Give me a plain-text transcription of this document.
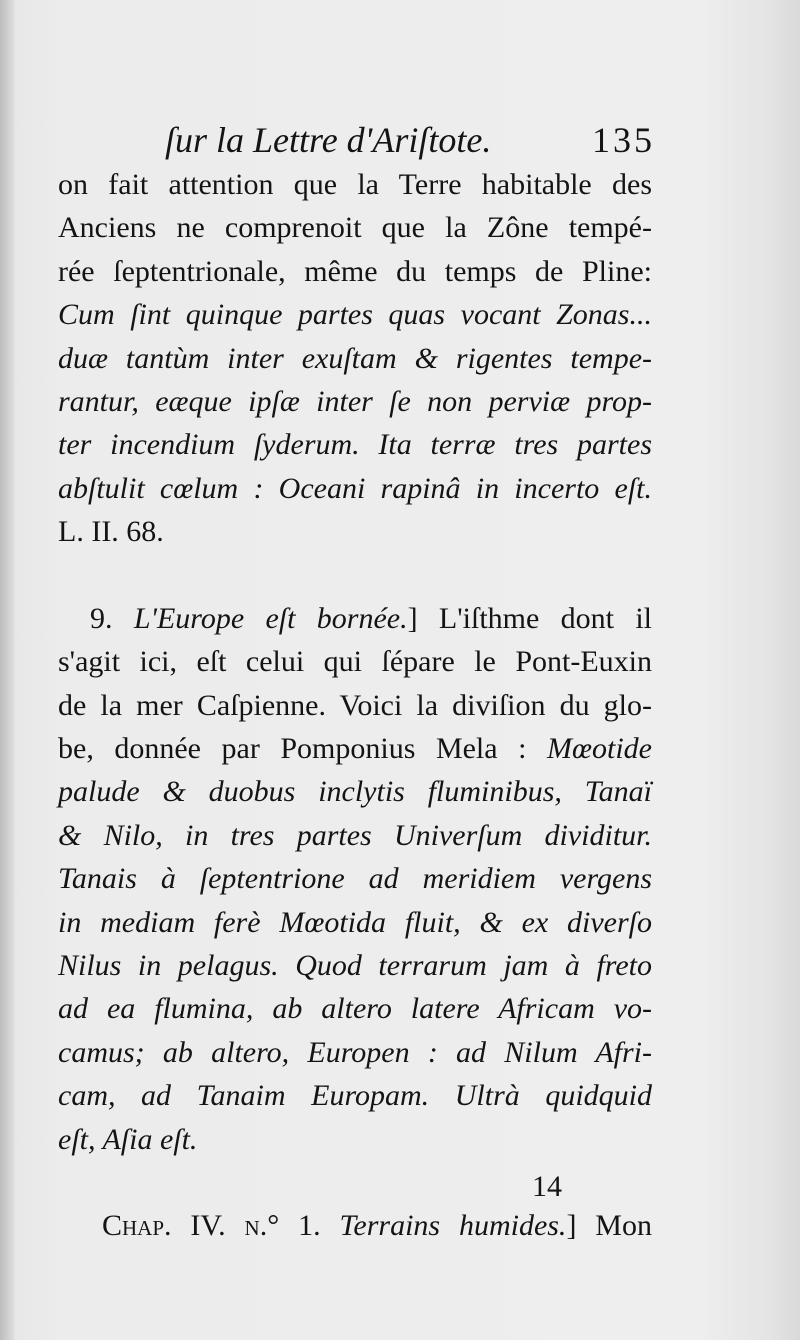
ſur la Lettre d'Ariſtote.	135
on fait attention que la Terre habitable des
Anciens ne comprenoit que la Zône tempé-
rée ſeptentrionale, même du temps de Pline:
Cum ſint quinque partes quas vocant Zonas...
duæ tantùm inter exuſtam & rigentes tempe-
rantur, eæque ipſæ inter ſe non perviæ prop-
ter incendium ſyderum. Ita terræ tres partes
abſtulit cœlum : Oceani rapinâ in incerto eſt.
L. II. 68.
9. L'Europe eſt bornée.] L'iſthme dont il
s'agit ici, eſt celui qui ſépare le Pont-Euxin
de la mer Caſpienne. Voici la diviſion du glo-
be, donnée par Pomponius Mela : Mœotide
palude & duobus inclytis fluminibus, Tanaï
& Nilo, in tres partes Univerſum dividitur.
Tanais à ſeptentrione ad meridiem vergens
in mediam ferè Mœotida fluit, & ex diverſo
Nilus in pelagus. Quod terrarum jam à freto
ad ea flumina, ab altero latere Africam vo-
camus; ab altero, Europen : ad Nilum Afri-
cam, ad Tanaim Europam. Ultrà quidquid
eſt, Aſia eſt.
Chap. IV. n.° 1. Terrains humides.] Mon
14
